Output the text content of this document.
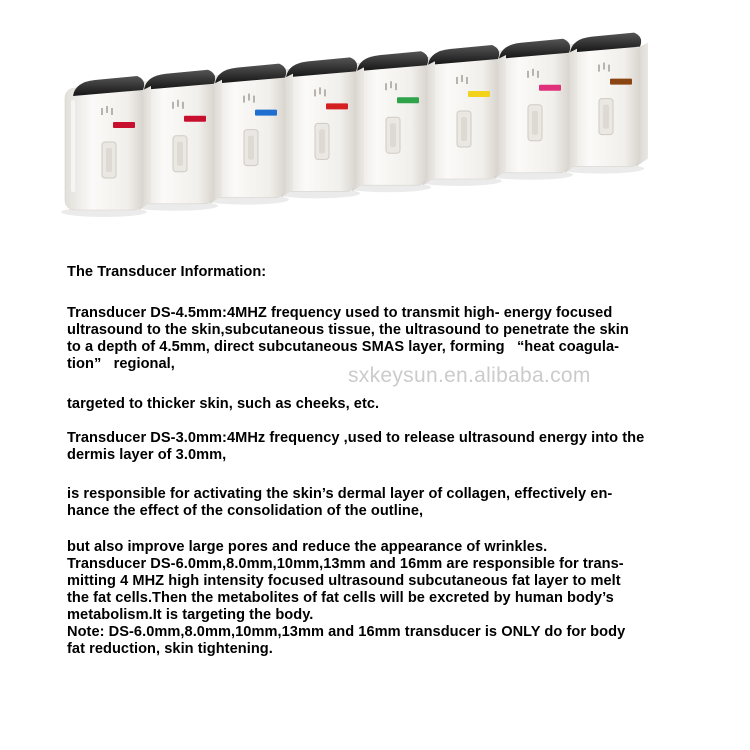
The Transducer Information:
Transducer DS-4.5mm:4MHZ frequency used to transmit high- energy focused
ultrasound to the skin,subcutaneous tissue, the ultrasound to penetrate the skin
to a depth of 4.5mm, direct subcutaneous SMAS layer, forming   “heat coagula-
tion”   regional,
targeted to thicker skin, such as cheeks, etc.
Transducer DS-3.0mm:4MHz frequency ,used to release ultrasound energy into the
dermis layer of 3.0mm,
is responsible for activating the skin’s dermal layer of collagen, effectively en-
hance the effect of the consolidation of the outline,
but also improve large pores and reduce the appearance of wrinkles.
Transducer DS-6.0mm,8.0mm,10mm,13mm and 16mm are responsible for trans-
mitting 4 MHZ high intensity focused ultrasound subcutaneous fat layer to melt
the fat cells.Then the metabolites of fat cells will be excreted by human body’s
metabolism.It is targeting the body.
Note: DS-6.0mm,8.0mm,10mm,13mm and 16mm transducer is ONLY do for body
fat reduction, skin tightening.
sxkeysun.en.alibaba.com
